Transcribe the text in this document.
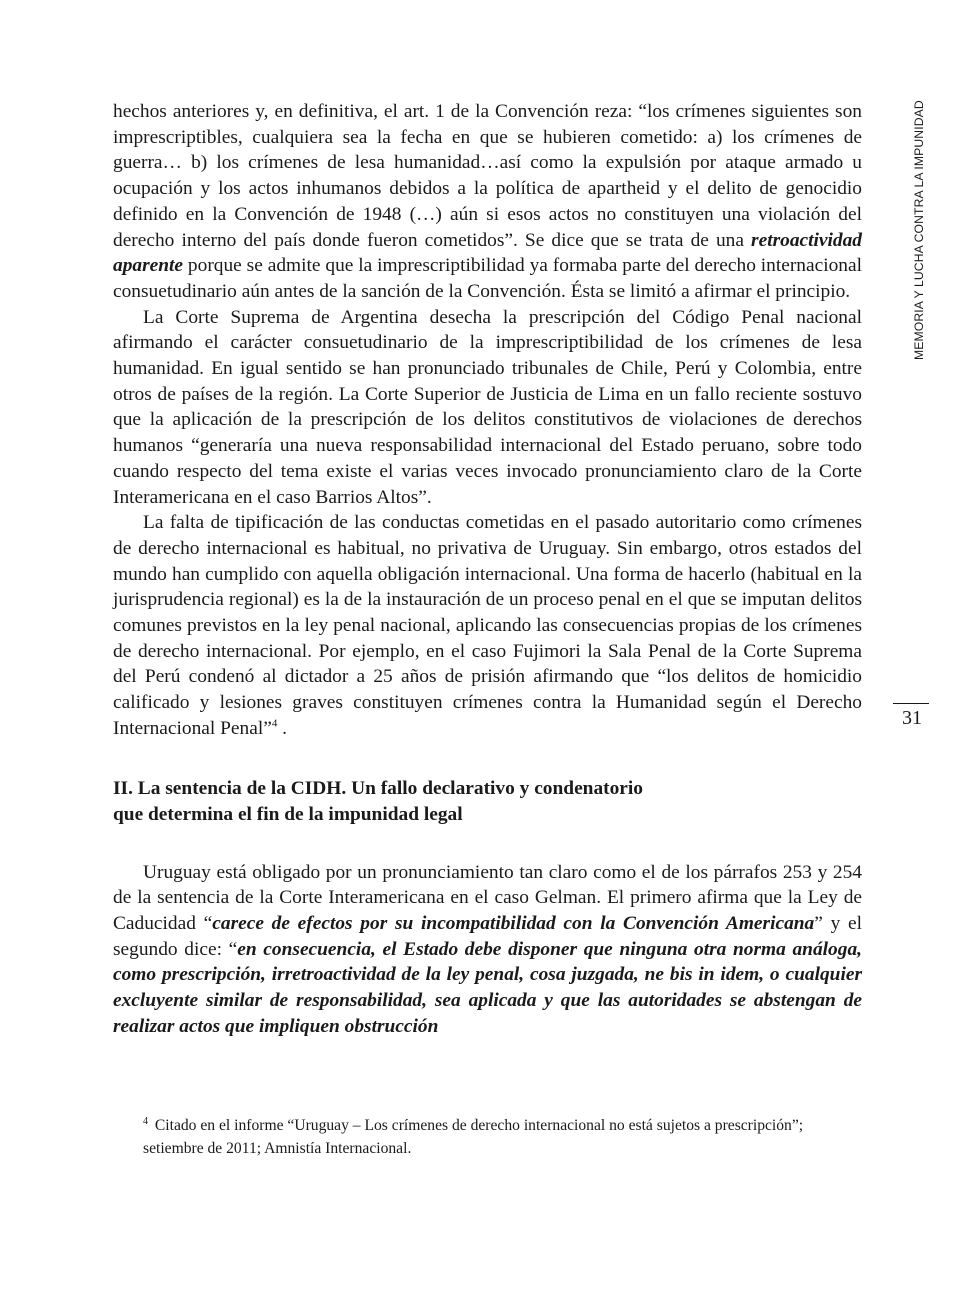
MEMORIA Y LUCHA CONTRA LA IMPUNIDAD
31

hechos anteriores y, en definitiva, el art. 1 de la Convención reza: “los crímenes siguientes son imprescriptibles, cualquiera sea la fecha en que se hubieren cometido: a) los crímenes de guerra… b) los crímenes de lesa humanidad…así como la expulsión por ataque armado u ocupación y los actos inhumanos debidos a la política de apartheid y el delito de genocidio definido en la Convención de 1948 (…) aún si esos actos no constituyen una violación del derecho interno del país donde fueron cometidos”. Se dice que se trata de una retroactividad aparente porque se admite que la imprescriptibilidad ya formaba parte del derecho internacional consuetudinario aún antes de la sanción de la Convención. Ésta se limitó a afirmar el principio.

La Corte Suprema de Argentina desecha la prescripción del Código Penal nacional afirmando el carácter consuetudinario de la imprescriptibilidad de los crímenes de lesa humanidad. En igual sentido se han pronunciado tribunales de Chile, Perú y Colombia, entre otros de países de la región. La Corte Superior de Justicia de Lima en un fallo reciente sostuvo que la aplicación de la prescripción de los delitos constitutivos de violaciones de derechos humanos “generaría una nueva responsabilidad internacional del Estado peruano, sobre todo cuando respecto del tema existe el varias veces invocado pronunciamiento claro de la Corte Interamericana en el caso Barrios Altos”.

La falta de tipificación de las conductas cometidas en el pasado autoritario como crímenes de derecho internacional es habitual, no privativa de Uruguay. Sin embargo, otros estados del mundo han cumplido con aquella obligación internacional. Una forma de hacerlo (habitual en la jurisprudencia regional) es la de la instauración de un proceso penal en el que se imputan delitos comunes previstos en la ley penal nacional, aplicando las consecuencias propias de los crímenes de derecho internacional. Por ejemplo, en el caso Fujimori la Sala Penal de la Corte Suprema del Perú condenó al dictador a 25 años de prisión afirmando que “los delitos de homicidio calificado y lesiones graves constituyen crímenes contra la Humanidad según el Derecho Internacional Penal”$^4$ .

II. La sentencia de la CIDH. Un fallo declarativo y condenatorio
que determina el fin de la impunidad legal

Uruguay está obligado por un pronunciamiento tan claro como el de los párrafos 253 y 254 de la sentencia de la Corte Interamericana en el caso Gelman. El primero afirma que la Ley de Caducidad “carece de efectos por su incompatibilidad con la Convención Americana” y el segundo dice: “en consecuencia, el Estado debe disponer que ninguna otra norma análoga, como prescripción, irretroactividad de la ley penal, cosa juzgada, ne bis in idem, o cualquier excluyente similar de responsabilidad, sea aplicada y que las autoridades se abstengan de realizar actos que impliquen obstrucción

$^4$ Citado en el informe “Uruguay – Los crímenes de derecho internacional no está sujetos a prescripción”; setiembre de 2011; Amnistía Internacional.
